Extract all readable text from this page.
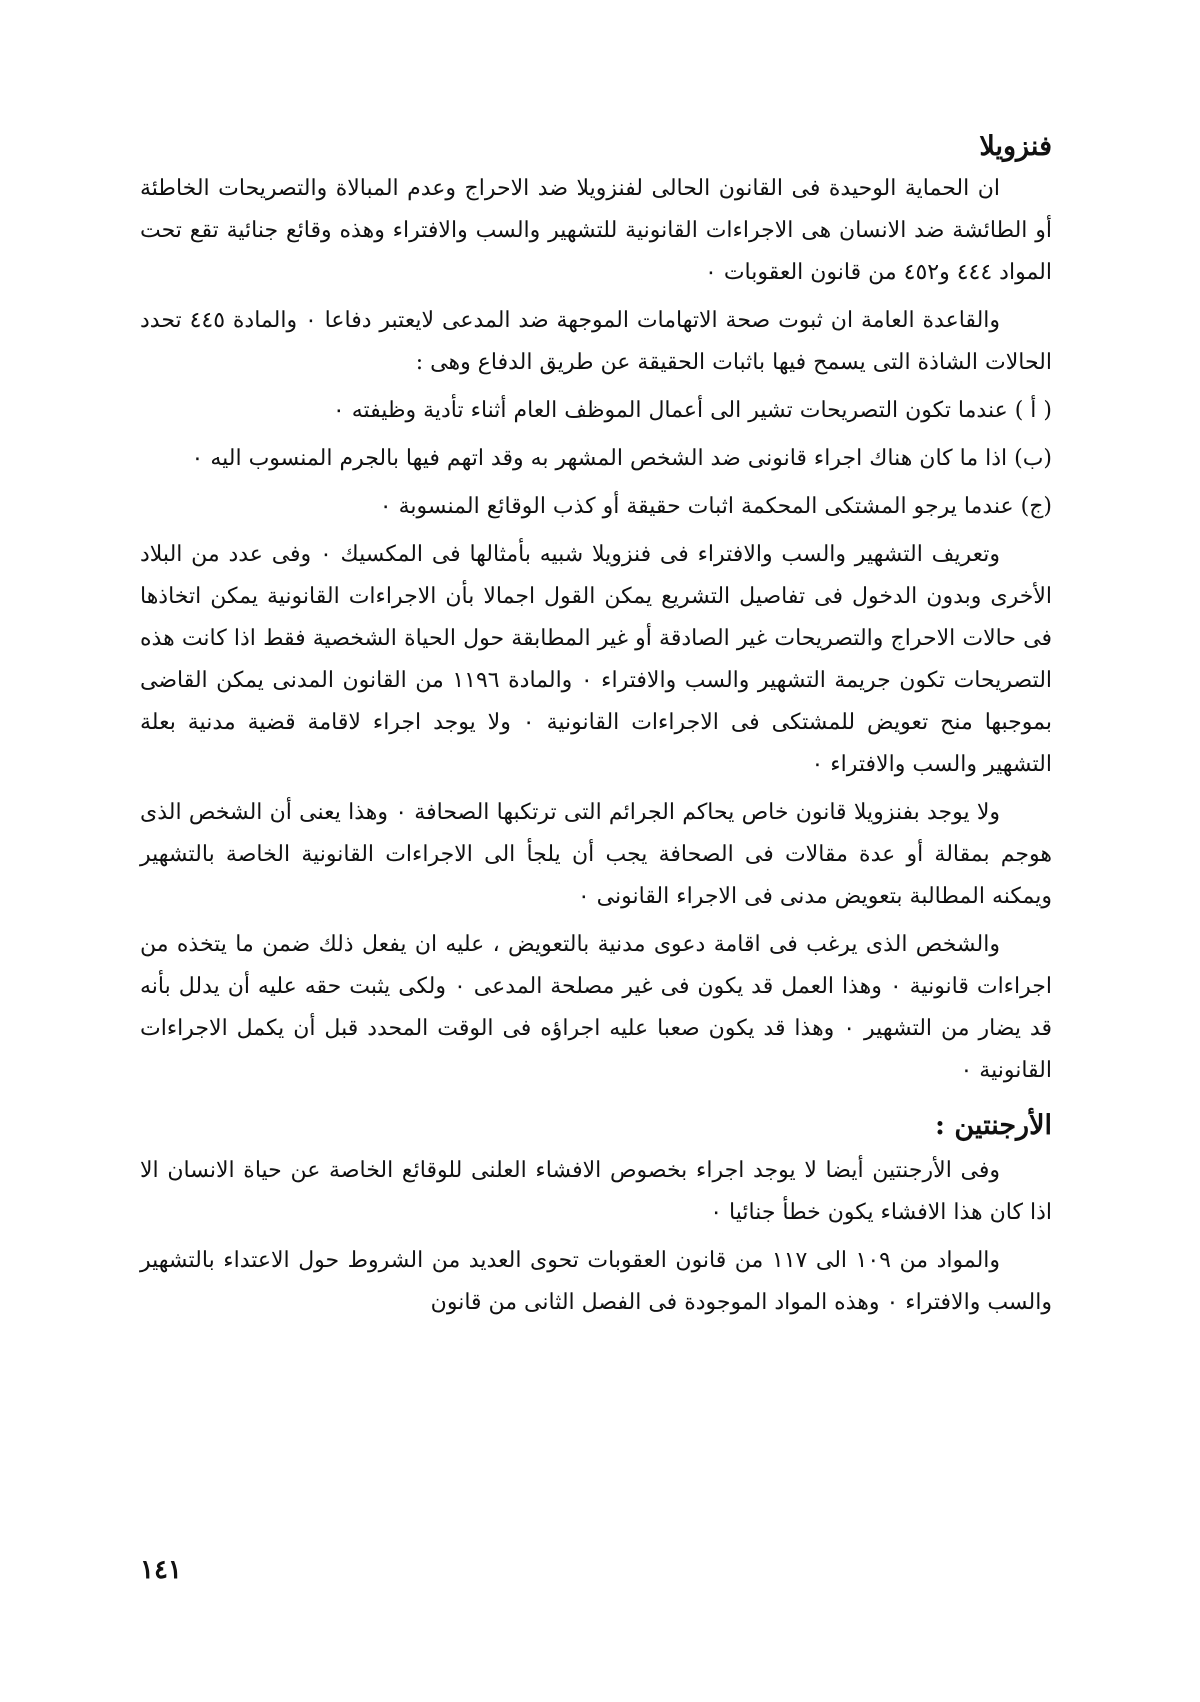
فنزويلا

ان الحماية الوحيدة فى القانون الحالى لفنزويلا ضد الاحراج وعدم المبالاة والتصريحات الخاطئة أو الطائشة ضد الانسان هى الاجراءات القانونية للتشهير والسب والافتراء وهذه وقائع جنائية تقع تحت المواد ٤٤٤ و٤٥٢ من قانون العقوبات ٠

والقاعدة العامة ان ثبوت صحة الاتهامات الموجهة ضد المدعى لايعتبر دفاعا ٠ والمادة ٤٤٥ تحدد الحالات الشاذة التى يسمح فيها باثبات الحقيقة عن طريق الدفاع وهى :

( أ ) عندما تكون التصريحات تشير الى أعمال الموظف العام أثناء تأدية وظيفته ٠

(ب) اذا ما كان هناك اجراء قانونى ضد الشخص المشهر به وقد اتهم فيها بالجرم المنسوب اليه ٠

(ج) عندما يرجو المشتكى المحكمة اثبات حقيقة أو كذب الوقائع المنسوبة ٠

وتعريف التشهير والسب والافتراء فى فنزويلا شبيه بأمثالها فى المكسيك ٠ وفى عدد من البلاد الأخرى وبدون الدخول فى تفاصيل التشريع يمكن القول اجمالا بأن الاجراءات القانونية يمكن اتخاذها فى حالات الاحراج والتصريحات غير الصادقة أو غير المطابقة حول الحياة الشخصية فقط اذا كانت هذه التصريحات تكون جريمة التشهير والسب والافتراء ٠ والمادة ١١٩٦ من القانون المدنى يمكن القاضى بموجبها منح تعويض للمشتكى فى الاجراءات القانونية ٠ ولا يوجد اجراء لاقامة قضية مدنية بعلة التشهير والسب والافتراء ٠

ولا يوجد بفنزويلا قانون خاص يحاكم الجرائم التى ترتكبها الصحافة ٠ وهذا يعنى أن الشخص الذى هوجم بمقالة أو عدة مقالات فى الصحافة يجب أن يلجأ الى الاجراءات القانونية الخاصة بالتشهير ويمكنه المطالبة بتعويض مدنى فى الاجراء القانونى ٠

والشخص الذى يرغب فى اقامة دعوى مدنية بالتعويض ، عليه ان يفعل ذلك ضمن ما يتخذه من اجراءات قانونية ٠ وهذا العمل قد يكون فى غير مصلحة المدعى ٠ ولكى يثبت حقه عليه أن يدلل بأنه قد يضار من التشهير ٠ وهذا قد يكون صعبا عليه اجراؤه فى الوقت المحدد قبل أن يكمل الاجراءات القانونية ٠

الأرجنتين :

وفى الأرجنتين أيضا لا يوجد اجراء بخصوص الافشاء العلنى للوقائع الخاصة عن حياة الانسان الا اذا كان هذا الافشاء يكون خطأ جنائيا ٠

والمواد من ١٠٩ الى ١١٧ من قانون العقوبات تحوى العديد من الشروط حول الاعتداء بالتشهير والسب والافتراء ٠ وهذه المواد الموجودة فى الفصل الثانى من قانون

١٤١
